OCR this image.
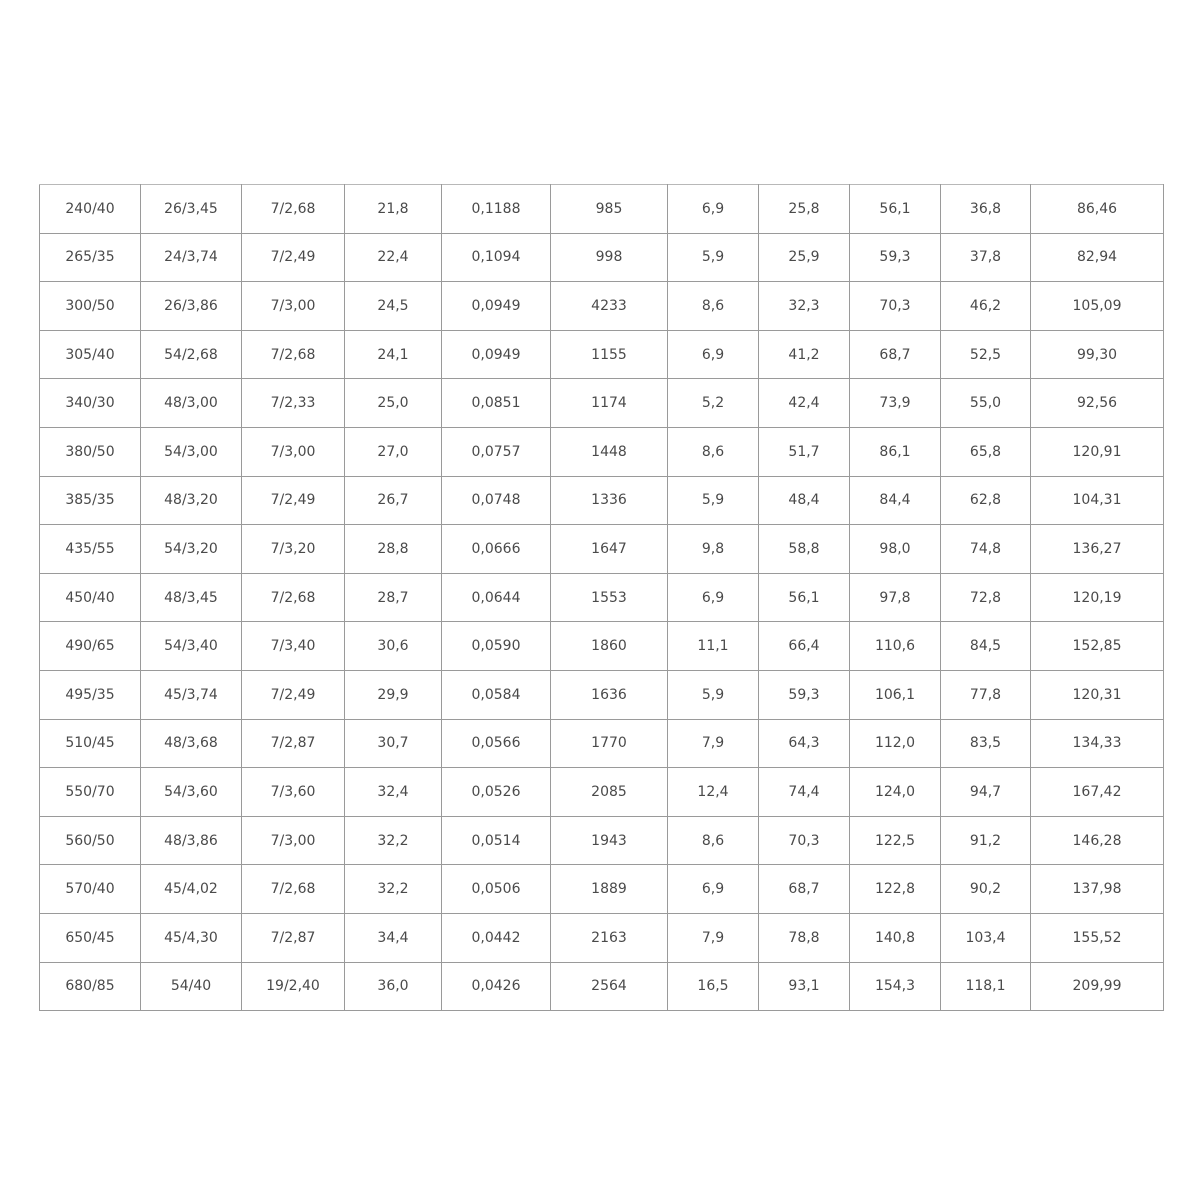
240/40	26/3,45	7/2,68	21,8	0,1188	985	6,9	25,8	56,1	36,8	86,46
265/35	24/3,74	7/2,49	22,4	0,1094	998	5,9	25,9	59,3	37,8	82,94
300/50	26/3,86	7/3,00	24,5	0,0949	4233	8,6	32,3	70,3	46,2	105,09
305/40	54/2,68	7/2,68	24,1	0,0949	1155	6,9	41,2	68,7	52,5	99,30
340/30	48/3,00	7/2,33	25,0	0,0851	1174	5,2	42,4	73,9	55,0	92,56
380/50	54/3,00	7/3,00	27,0	0,0757	1448	8,6	51,7	86,1	65,8	120,91
385/35	48/3,20	7/2,49	26,7	0,0748	1336	5,9	48,4	84,4	62,8	104,31
435/55	54/3,20	7/3,20	28,8	0,0666	1647	9,8	58,8	98,0	74,8	136,27
450/40	48/3,45	7/2,68	28,7	0,0644	1553	6,9	56,1	97,8	72,8	120,19
490/65	54/3,40	7/3,40	30,6	0,0590	1860	11,1	66,4	110,6	84,5	152,85
495/35	45/3,74	7/2,49	29,9	0,0584	1636	5,9	59,3	106,1	77,8	120,31
510/45	48/3,68	7/2,87	30,7	0,0566	1770	7,9	64,3	112,0	83,5	134,33
550/70	54/3,60	7/3,60	32,4	0,0526	2085	12,4	74,4	124,0	94,7	167,42
560/50	48/3,86	7/3,00	32,2	0,0514	1943	8,6	70,3	122,5	91,2	146,28
570/40	45/4,02	7/2,68	32,2	0,0506	1889	6,9	68,7	122,8	90,2	137,98
650/45	45/4,30	7/2,87	34,4	0,0442	2163	7,9	78,8	140,8	103,4	155,52
680/85	54/40	19/2,40	36,0	0,0426	2564	16,5	93,1	154,3	118,1	209,99
